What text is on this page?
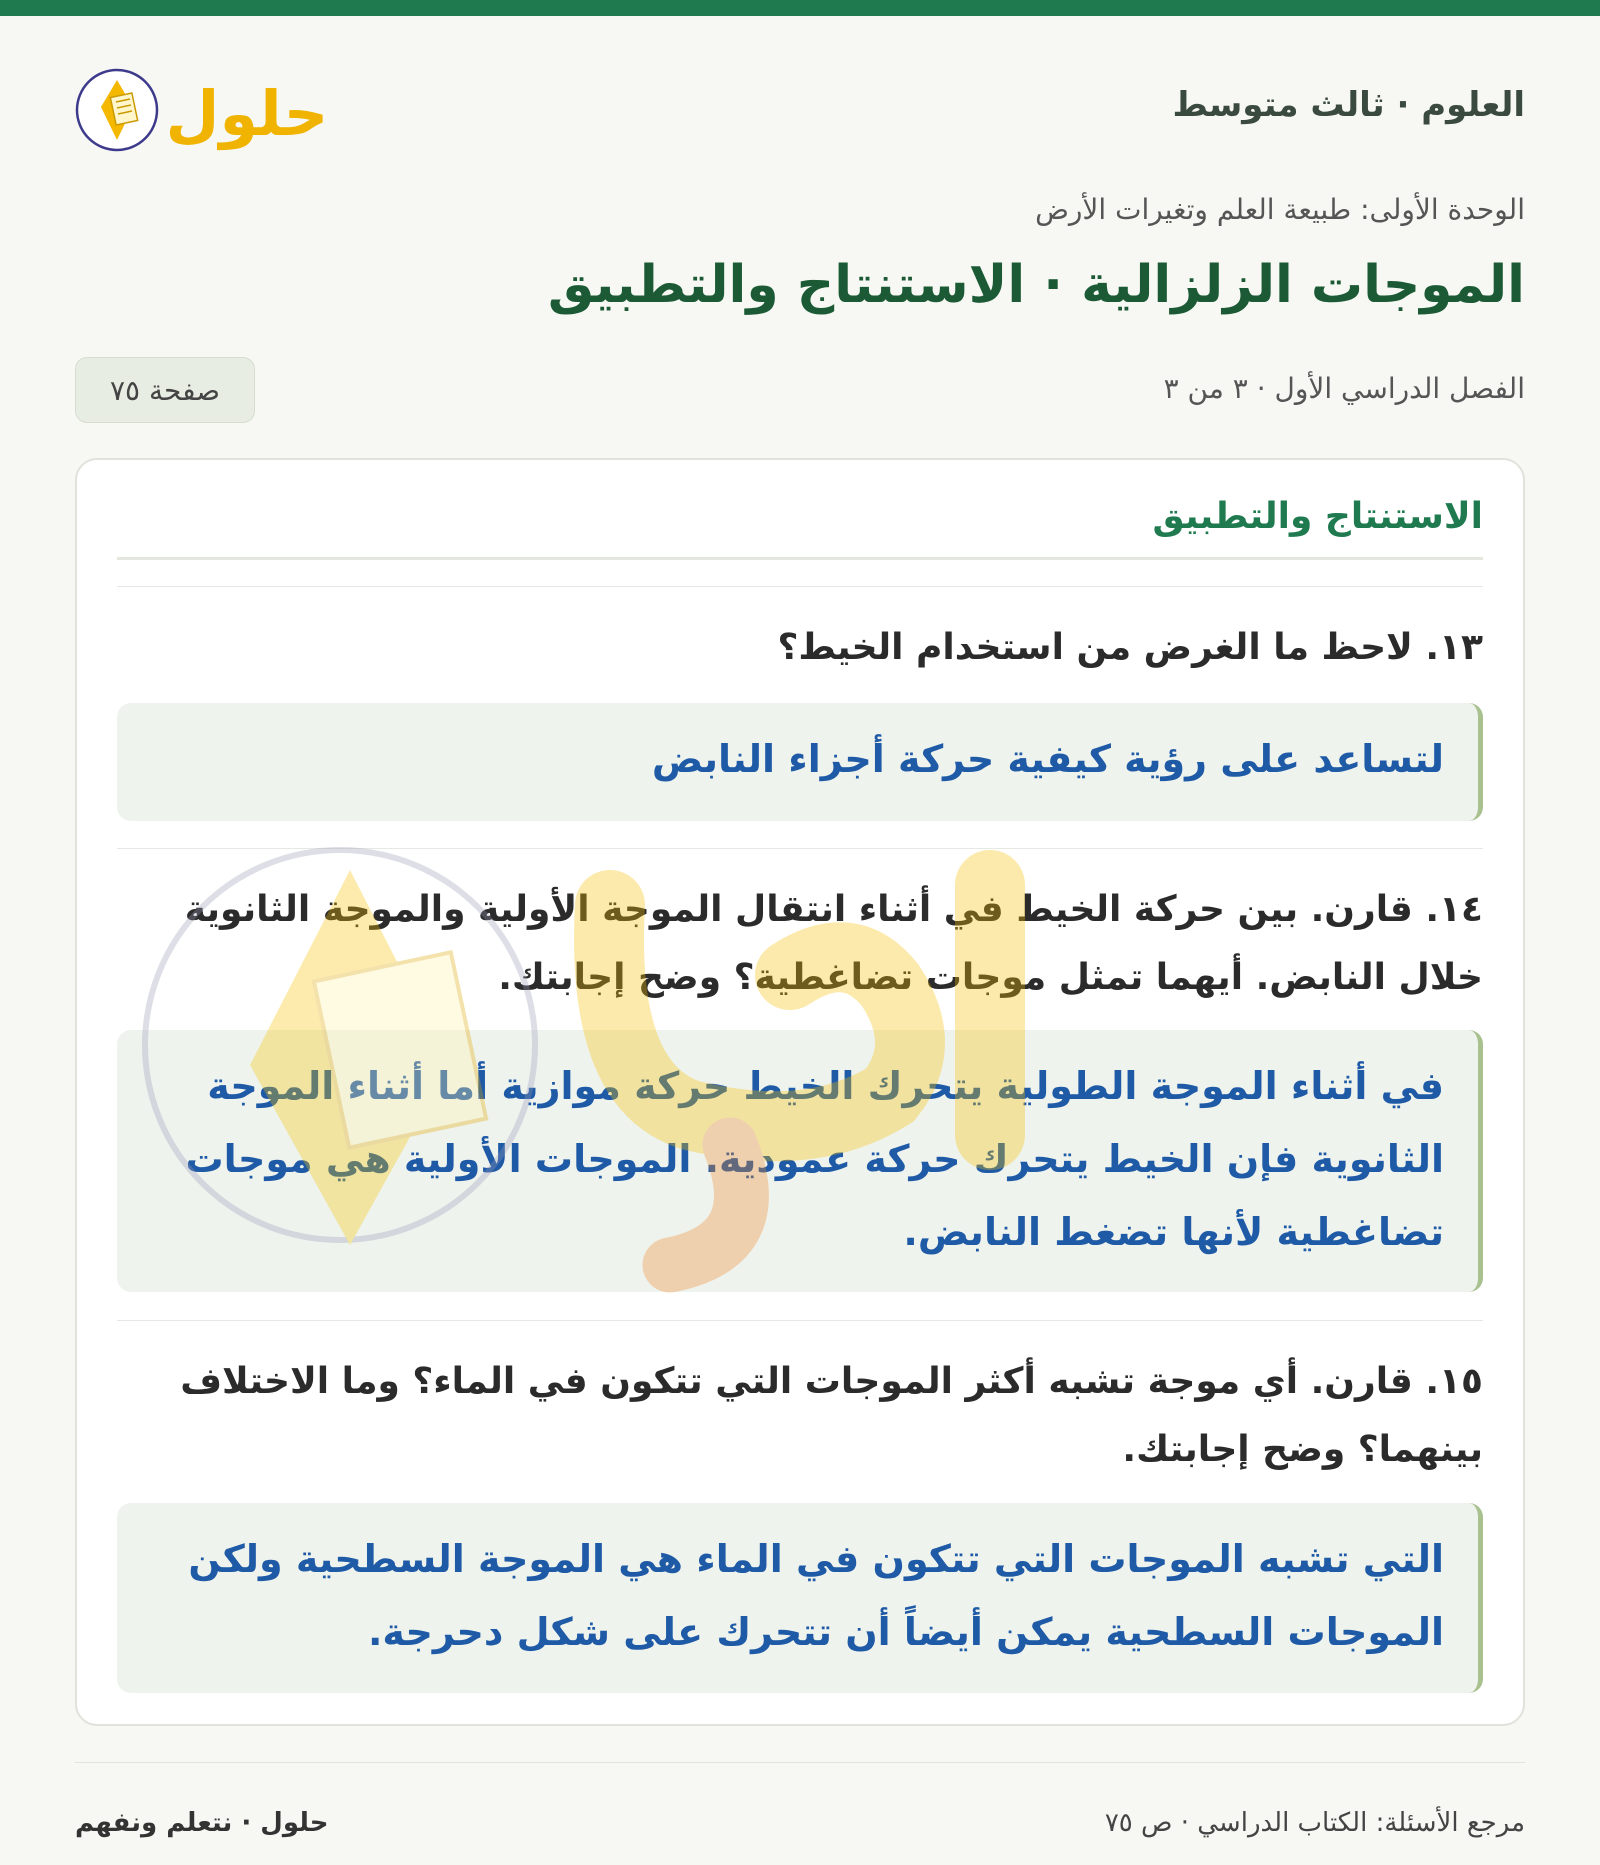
العلوم · ثالث متوسط
حلول
الوحدة الأولى: طبيعة العلم وتغيرات الأرض
الموجات الزلزالية · الاستنتاج والتطبيق
الفصل الدراسي الأول · ٣ من ٣
صفحة ٧٥
الاستنتاج والتطبيق
١٣. لاحظ ما الغرض من استخدام الخيط؟
لتساعد على رؤية كيفية حركة أجزاء النابض
١٤. قارن. بين حركة الخيط في أثناء انتقال الموجة الأولية والموجة الثانوية خلال النابض. أيهما تمثل موجات تضاغطية؟ وضح إجابتك.
في أثناء الموجة الطولية يتحرك الخيط حركة موازية أما أثناء الموجة الثانوية فإن الخيط يتحرك حركة عمودية. الموجات الأولية هي موجات تضاغطية لأنها تضغط النابض.
١٥. قارن. أي موجة تشبه أكثر الموجات التي تتكون في الماء؟ وما الاختلاف بينهما؟ وضح إجابتك.
التي تشبه الموجات التي تتكون في الماء هي الموجة السطحية ولكن الموجات السطحية يمكن أيضاً أن تتحرك على شكل دحرجة.
حلول · نتعلم ونفهم	مرجع الأسئلة: الكتاب الدراسي · ص ٧٥
